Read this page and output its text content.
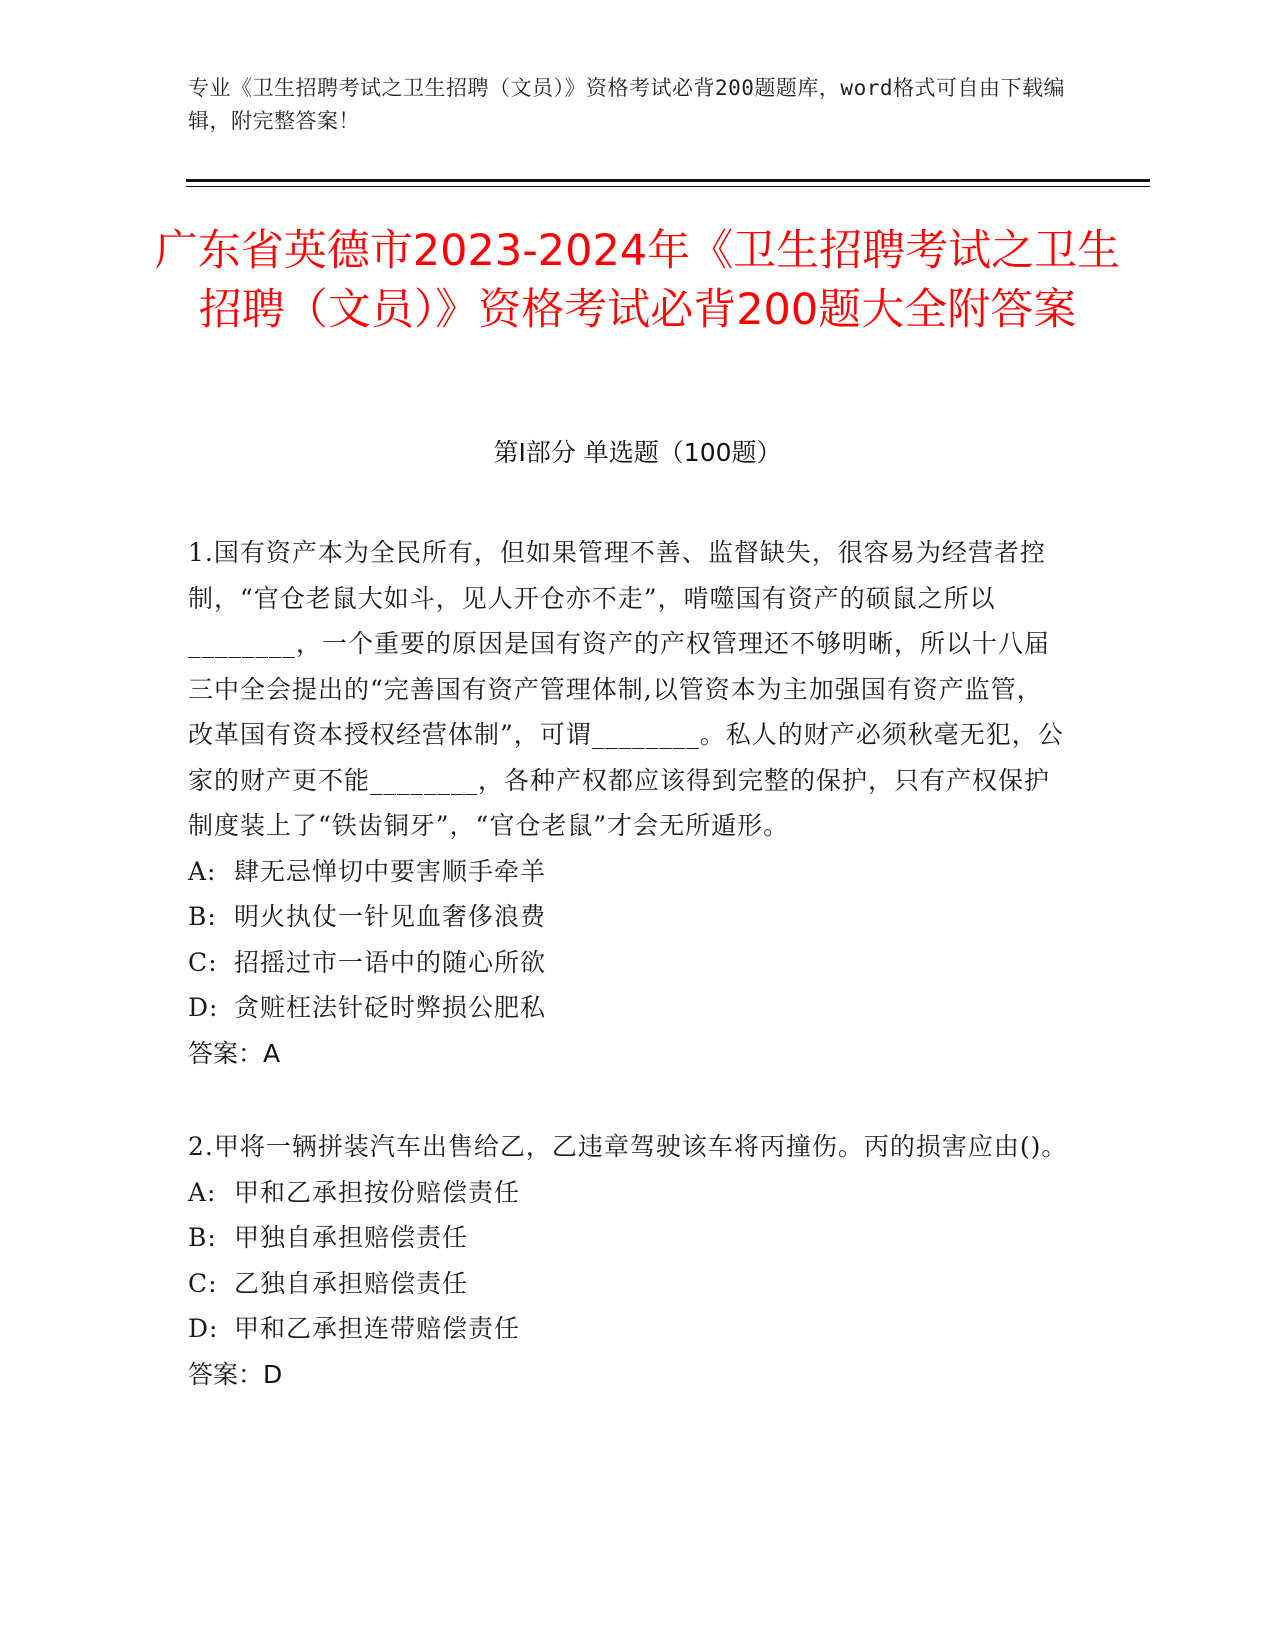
专业《卫生招聘考试之卫生招聘（文员）》资格考试必背200题题库，word格式可自由下载编辑，附完整答案！
广东省英德市2023-2024年《卫生招聘考试之卫生招聘（文员）》资格考试必背200题大全附答案
第Ⅰ部分 单选题（100题）

1.国有资产本为全民所有，但如果管理不善、监督缺失，很容易为经营者控制，“官仓老鼠大如斗，见人开仓亦不走”，啃噬国有资产的硕鼠之所以________，一个重要的原因是国有资产的产权管理还不够明晰，所以十八届三中全会提出的“完善国有资产管理体制,以管资本为主加强国有资产监管，改革国有资本授权经营体制”，可谓________。私人的财产必须秋毫无犯，公家的财产更不能________，各种产权都应该得到完整的保护，只有产权保护制度装上了“铁齿铜牙”，“官仓老鼠”才会无所遁形。

A: 肆无忌惮切中要害顺手牵羊

B: 明火执仗一针见血奢侈浪费

C: 招摇过市一语中的随心所欲

D: 贪赃枉法针砭时弊损公肥私

答案：A

2.甲将一辆拼装汽车出售给乙，乙违章驾驶该车将丙撞伤。丙的损害应由()。

A: 甲和乙承担按份赔偿责任

B: 甲独自承担赔偿责任

C: 乙独自承担赔偿责任

D: 甲和乙承担连带赔偿责任

答案：D
